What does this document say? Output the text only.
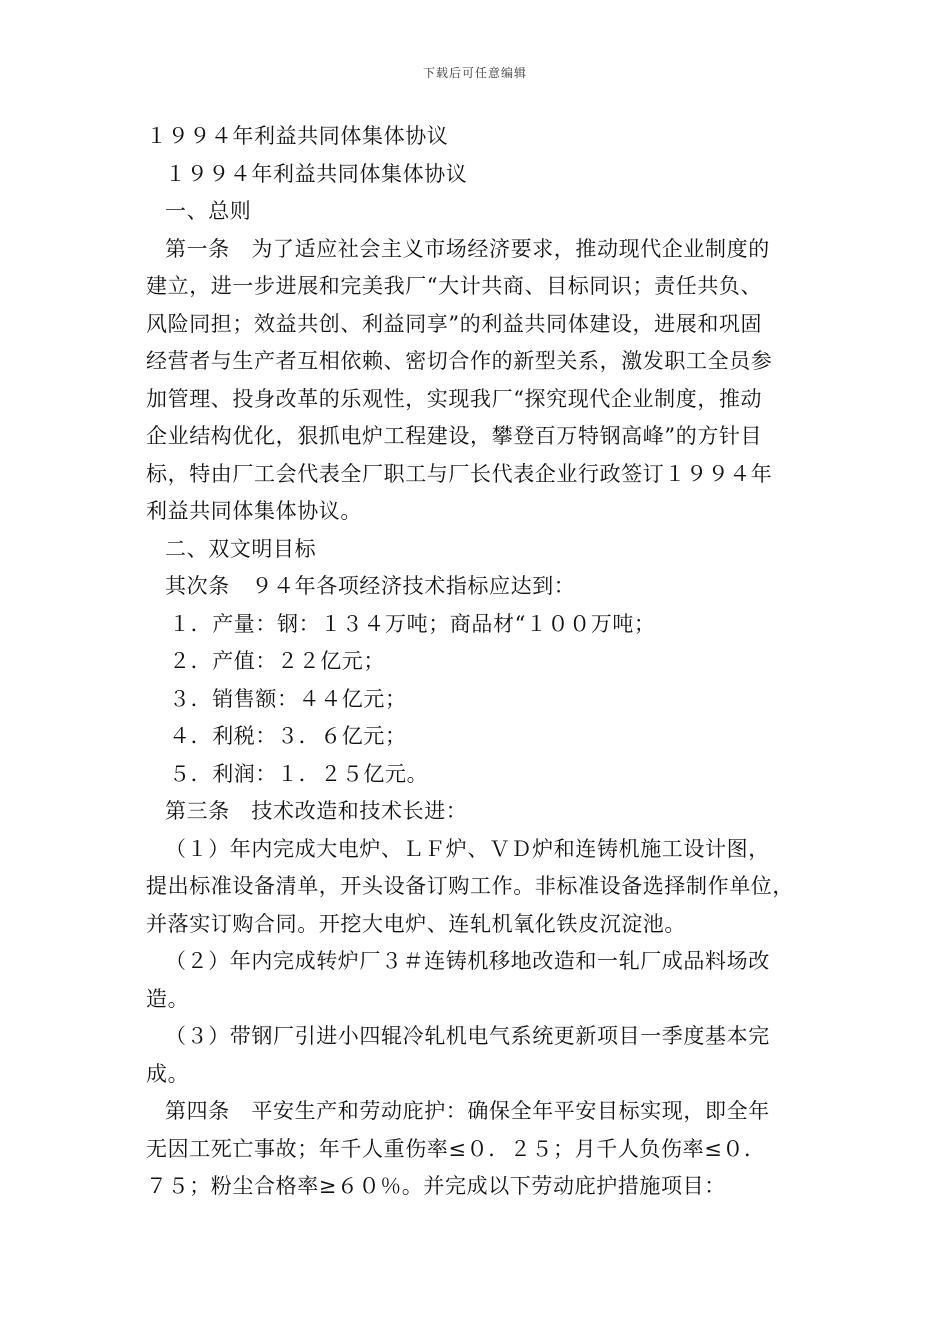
下载后可任意编辑
１９９４年利益共同体集体协议
１９９４年利益共同体集体协议
一、总则
第一条　为了适应社会主义市场经济要求，推动现代企业制度的
建立，进一步进展和完美我厂“大计共商、目标同识；责任共负、
风险同担；效益共创、利益同享”的利益共同体建设，进展和巩固
经营者与生产者互相依赖、密切合作的新型关系，激发职工全员参
加管理、投身改革的乐观性，实现我厂“探究现代企业制度，推动
企业结构优化，狠抓电炉工程建设，攀登百万特钢高峰”的方针目
标，特由厂工会代表全厂职工与厂长代表企业行政签订１９９４年
利益共同体集体协议。
二、双文明目标
其次条　９４年各项经济技术指标应达到：
１．产量：钢：１３４万吨；商品材“１００万吨；
２．产值：２２亿元；
３．销售额：４４亿元；
４．利税：３．６亿元；
５．利润：１．２５亿元。
第三条　技术改造和技术长进：
（１）年内完成大电炉、ＬＦ炉、ＶＤ炉和连铸机施工设计图，
提出标准设备清单，开头设备订购工作。非标准设备选择制作单位，
并落实订购合同。开挖大电炉、连轧机氧化铁皮沉淀池。
（２）年内完成转炉厂３＃连铸机移地改造和一轧厂成品料场改
造。
（３）带钢厂引进小四辊冷轧机电气系统更新项目一季度基本完
成。
第四条　平安生产和劳动庇护：确保全年平安目标实现，即全年
无因工死亡事故；年千人重伤率≤０．２５；月千人负伤率≤０．
７５；粉尘合格率≥６０％。并完成以下劳动庇护措施项目：
